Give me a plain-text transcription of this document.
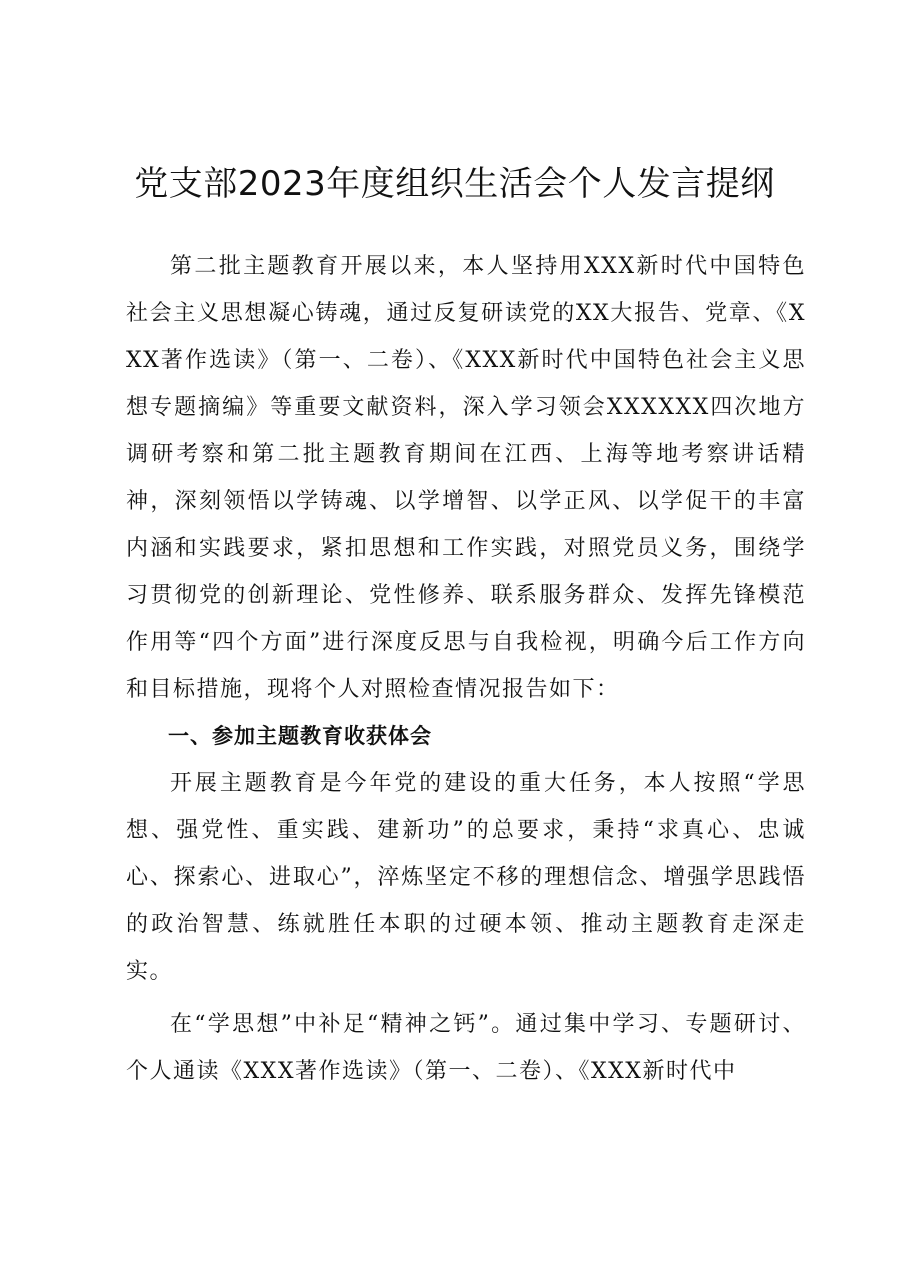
党支部2023年度组织生活会个人发言提纲

第二批主题教育开展以来，本人坚持用XXX新时代中国特色社会主义思想凝心铸魂，通过反复研读党的XX大报告、党章、《XXX著作选读》（第一、二卷）、《XXX新时代中国特色社会主义思想专题摘编》等重要文献资料，深入学习领会XXXXXX四次地方调研考察和第二批主题教育期间在江西、上海等地考察讲话精神，深刻领悟以学铸魂、以学增智、以学正风、以学促干的丰富内涵和实践要求，紧扣思想和工作实践，对照党员义务，围绕学习贯彻党的创新理论、党性修养、联系服务群众、发挥先锋模范作用等“四个方面”进行深度反思与自我检视，明确今后工作方向和目标措施，现将个人对照检查情况报告如下：

一、参加主题教育收获体会

开展主题教育是今年党的建设的重大任务，本人按照“学思想、强党性、重实践、建新功”的总要求，秉持“求真心、忠诚心、探索心、进取心”，淬炼坚定不移的理想信念、增强学思践悟的政治智慧、练就胜任本职的过硬本领、推动主题教育走深走实。

在“学思想”中补足“精神之钙”。通过集中学习、专题研讨、个人通读《XXX著作选读》（第一、二卷）、《XXX新时代中
